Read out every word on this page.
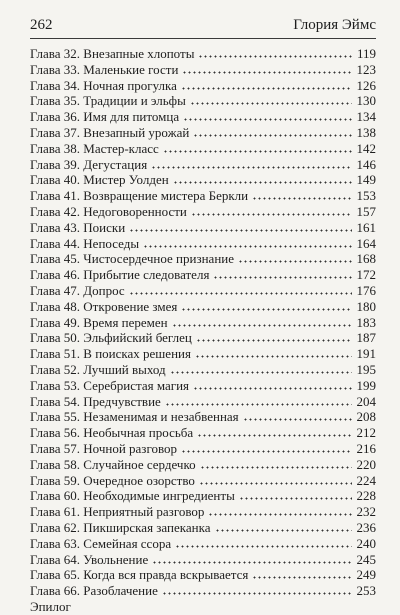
262	Глория Эймс
Глава 32. Внезапные хлопоты	119
Глава 33. Маленькие гости	123
Глава 34. Ночная прогулка	126
Глава 35. Традиции и эльфы	130
Глава 36. Имя для питомца	134
Глава 37. Внезапный урожай	138
Глава 38. Мастер-класс	142
Глава 39. Дегустация	146
Глава 40. Мистер Уолден	149
Глава 41. Возвращение мистера Беркли	153
Глава 42. Недоговоренности	157
Глава 43. Поиски	161
Глава 44. Непоседы	164
Глава 45. Чистосердечное признание	168
Глава 46. Прибытие следователя	172
Глава 47. Допрос	176
Глава 48. Откровение змея	180
Глава 49. Время перемен	183
Глава 50. Эльфийский беглец	187
Глава 51. В поисках решения	191
Глава 52. Лучший выход	195
Глава 53. Серебристая магия	199
Глава 54. Предчувствие	204
Глава 55. Незаменимая и незабвенная	208
Глава 56. Необычная просьба	212
Глава 57. Ночной разговор	216
Глава 58. Случайное сердечко	220
Глава 59. Очередное озорство	224
Глава 60. Необходимые ингредиенты	228
Глава 61. Неприятный разговор	232
Глава 62. Пикширская запеканка	236
Глава 63. Семейная ссора	240
Глава 64. Увольнение	245
Глава 65. Когда вся правда вскрывается	249
Глава 66. Разоблачение	253
Эпилог
